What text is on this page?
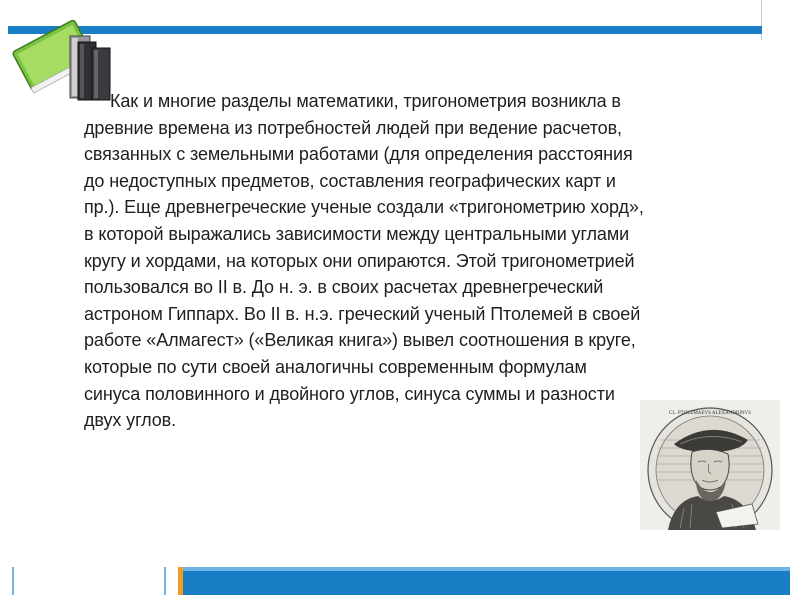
Как и многие разделы математики, тригонометрия возникла в древние времена из потребностей людей при ведение расчетов, связанных с земельными работами (для определения расстояния до недоступных предметов, составления географических карт и пр.). Еще древнегреческие ученые создали «тригонометрию хорд», в которой выражались зависимости между центральными углами кругу и хордами, на которых они опираются. Этой тригонометрией пользовался во II в. До н. э. в своих расчетах древнегреческий астроном Гиппарх. Во II в. н.э. греческий ученый Птолемей в своей работе «Алмагест» («Великая книга») вывел соотношения в круге, которые по сути своей аналогичны современным формулам синуса половинного и двойного углов, синуса суммы и разности двух углов.	CL. PTOLEMAEVS ALEXANDRINVS
